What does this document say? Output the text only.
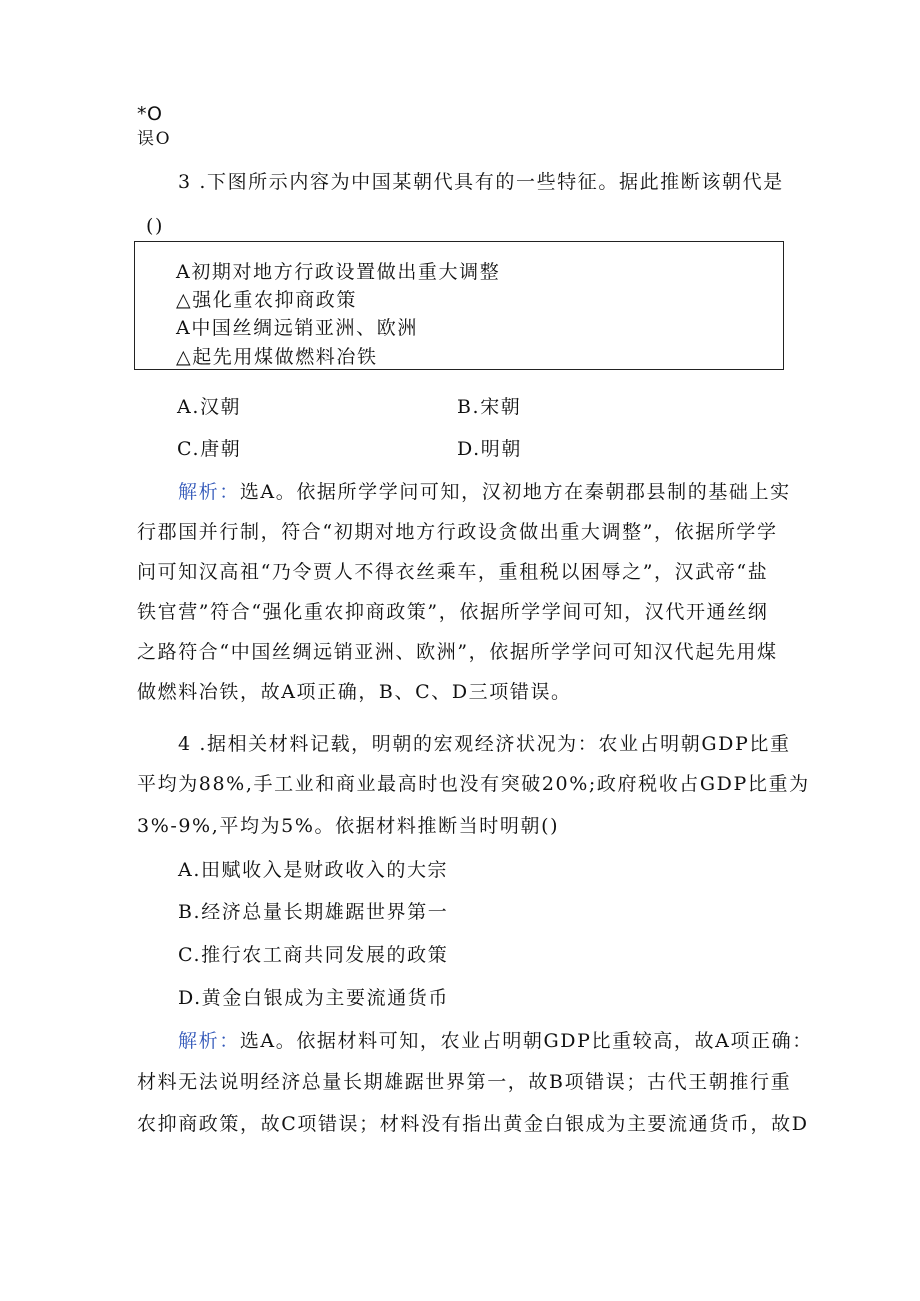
*O
误O
3 .下图所示内容为中国某朝代具有的一些特征。据此推断该朝代是
()
A初期对地方行政设置做出重大调整
△强化重农抑商政策
A中国丝绸远销亚洲、欧洲
△起先用煤做燃料冶铁
A.汉朝	B.宋朝
C.唐朝	D.明朝
解析：选A。依据所学学问可知，汉初地方在秦朝郡县制的基础上实
行郡国并行制，符合“初期对地方行政设贪做出重大调整”，依据所学学
问可知汉高祖“乃令贾人不得衣丝乘车，重租税以困辱之”，汉武帝“盐
铁官营”符合“强化重农抑商政策”，依据所学学间可知，汉代开通丝纲
之路符合“中国丝绸远销亚洲、欧洲”，依据所学学问可知汉代起先用煤
做燃料冶铁，故A项正确，B、C、D三项错误。
4 .据相关材料记载，明朝的宏观经济状况为：农业占明朝GDP比重
平均为88%,手工业和商业最高时也没有突破20%;政府税收占GDP比重为
3%-9%,平均为5%。依据材料推断当时明朝()
A.田赋收入是财政收入的大宗
B.经济总量长期雄踞世界第一
C.推行农工商共同发展的政策
D.黄金白银成为主要流通货币
解析：选A。依据材料可知，农业占明朝GDP比重较高，故A项正确：
材料无法说明经济总量长期雄踞世界第一，故B项错误；古代王朝推行重
农抑商政策，故C项错误；材料没有指出黄金白银成为主要流通货币，故D
